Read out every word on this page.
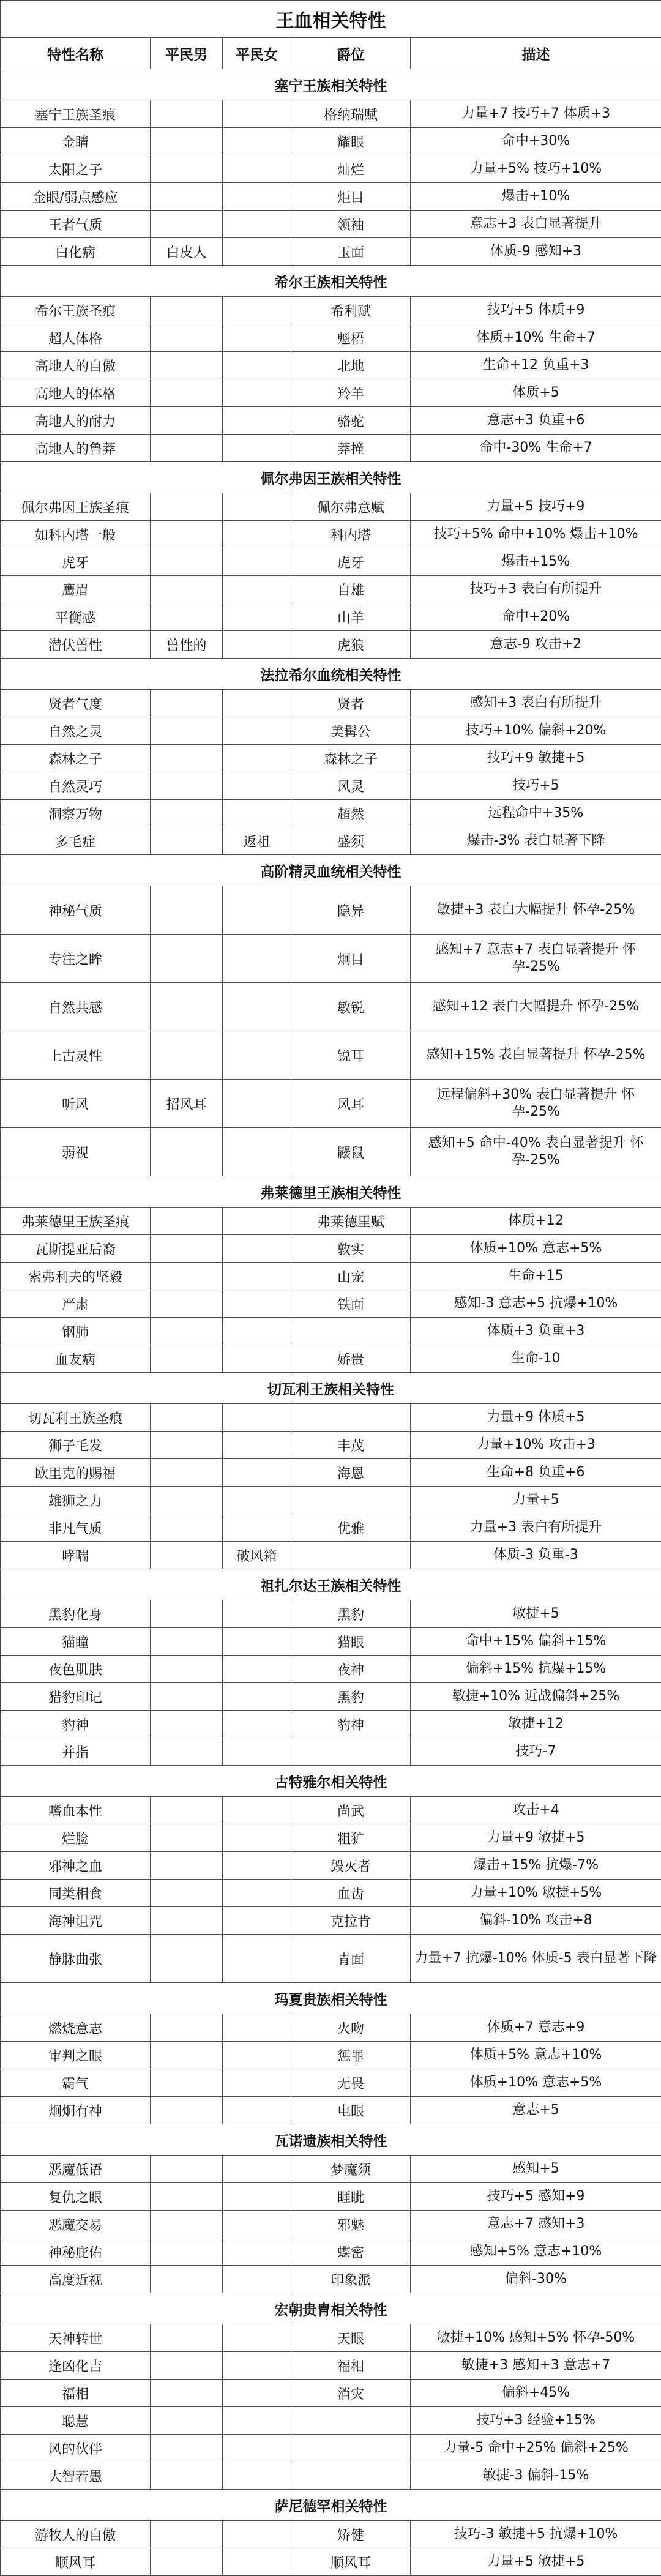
王血相关特性				
特性名称	平民男	平民女	爵位	描述
塞宁王族相关特性				
塞宁王族圣痕			格纳瑞赋	力量+7 技巧+7 体质+3
金睛			耀眼	命中+30%
太阳之子			灿烂	力量+5% 技巧+10%
金眼/弱点感应			炬目	爆击+10%
王者气质			领袖	意志+3 表白显著提升
白化病	白皮人		玉面	体质-9 感知+3
希尔王族相关特性				
希尔王族圣痕			希利赋	技巧+5 体质+9
超人体格			魁梧	体质+10% 生命+7
高地人的自傲			北地	生命+12 负重+3
高地人的体格			羚羊	体质+5
高地人的耐力			骆驼	意志+3 负重+6
高地人的鲁莽			莽撞	命中-30% 生命+7
佩尔弗因王族相关特性				
佩尔弗因王族圣痕			佩尔弗意赋	力量+5 技巧+9
如科内塔一般			科内塔	技巧+5% 命中+10% 爆击+10%
虎牙			虎牙	爆击+15%
鹰眉			自雄	技巧+3 表白有所提升
平衡感			山羊	命中+20%
潜伏兽性	兽性的		虎狼	意志-9 攻击+2
法拉希尔血统相关特性				
贤者气度			贤者	感知+3 表白有所提升
自然之灵			美髯公	技巧+10% 偏斜+20%
森林之子			森林之子	技巧+9 敏捷+5
自然灵巧			风灵	技巧+5
洞察万物			超然	远程命中+35%
多毛症		返祖	盛须	爆击-3% 表白显著下降
高阶精灵血统相关特性				
神秘气质			隐异	敏捷+3 表白大幅提升 怀孕-25%
专注之眸			炯目	感知+7 意志+7 表白显著提升 怀孕-25%
自然共感			敏锐	感知+12 表白大幅提升 怀孕-25%
上古灵性			锐耳	感知+15% 表白显著提升 怀孕-25%
听风	招风耳		风耳	远程偏斜+30% 表白显著提升 怀孕-25%
弱视			鼹鼠	感知+5 命中-40% 表白显著提升 怀孕-25%
弗莱德里王族相关特性				
弗莱德里王族圣痕			弗莱德里赋	体质+12
瓦斯提亚后裔			敦实	体质+10% 意志+5%
索弗利夫的坚毅			山宠	生命+15
严肃			铁面	感知-3 意志+5 抗爆+10%
钢肺				体质+3 负重+3
血友病			娇贵	生命-10
切瓦利王族相关特性				
切瓦利王族圣痕				力量+9 体质+5
狮子毛发			丰茂	力量+10% 攻击+3
欧里克的赐福			海恩	生命+8 负重+6
雄狮之力				力量+5
非凡气质			优雅	力量+3 表白有所提升
哮喘		破风箱		体质-3 负重-3
祖扎尔达王族相关特性				
黑豹化身			黑豹	敏捷+5
猫瞳			猫眼	命中+15% 偏斜+15%
夜色肌肤			夜神	偏斜+15% 抗爆+15%
猎豹印记			黑豹	敏捷+10% 近战偏斜+25%
豹神			豹神	敏捷+12
并指				技巧-7
古特雅尔相关特性				
嗜血本性			尚武	攻击+4
烂脸			粗犷	力量+9 敏捷+5
邪神之血			毁灭者	爆击+15% 抗爆-7%
同类相食			血齿	力量+10% 敏捷+5%
海神诅咒			克拉肯	偏斜-10% 攻击+8
静脉曲张			青面	力量+7 抗爆-10% 体质-5 表白显著下降
玛夏贵族相关特性				
燃烧意志			火吻	体质+7 意志+9
审判之眼			惩罪	体质+5% 意志+10%
霸气			无畏	体质+10% 意志+5%
炯炯有神			电眼	意志+5
瓦诺遗族相关特性				
恶魔低语			梦魔须	感知+5
复仇之眼			睚眦	技巧+5 感知+9
恶魔交易			邪魅	意志+7 感知+3
神秘庇佑			蝶密	感知+5% 意志+10%
高度近视			印象派	偏斜-30%
宏朝贵胄相关特性				
天神转世			天眼	敏捷+10% 感知+5% 怀孕-50%
逢凶化吉			福相	敏捷+3 感知+3 意志+7
福相			消灾	偏斜+45%
聪慧				技巧+3 经验+15%
风的伙伴				力量-5 命中+25% 偏斜+25%
大智若愚				敏捷-3 偏斜-15%
萨尼德罕相关特性				
游牧人的自傲			矫健	技巧-3 敏捷+5 抗爆+10%
顺风耳			顺风耳	力量+5 敏捷+5
